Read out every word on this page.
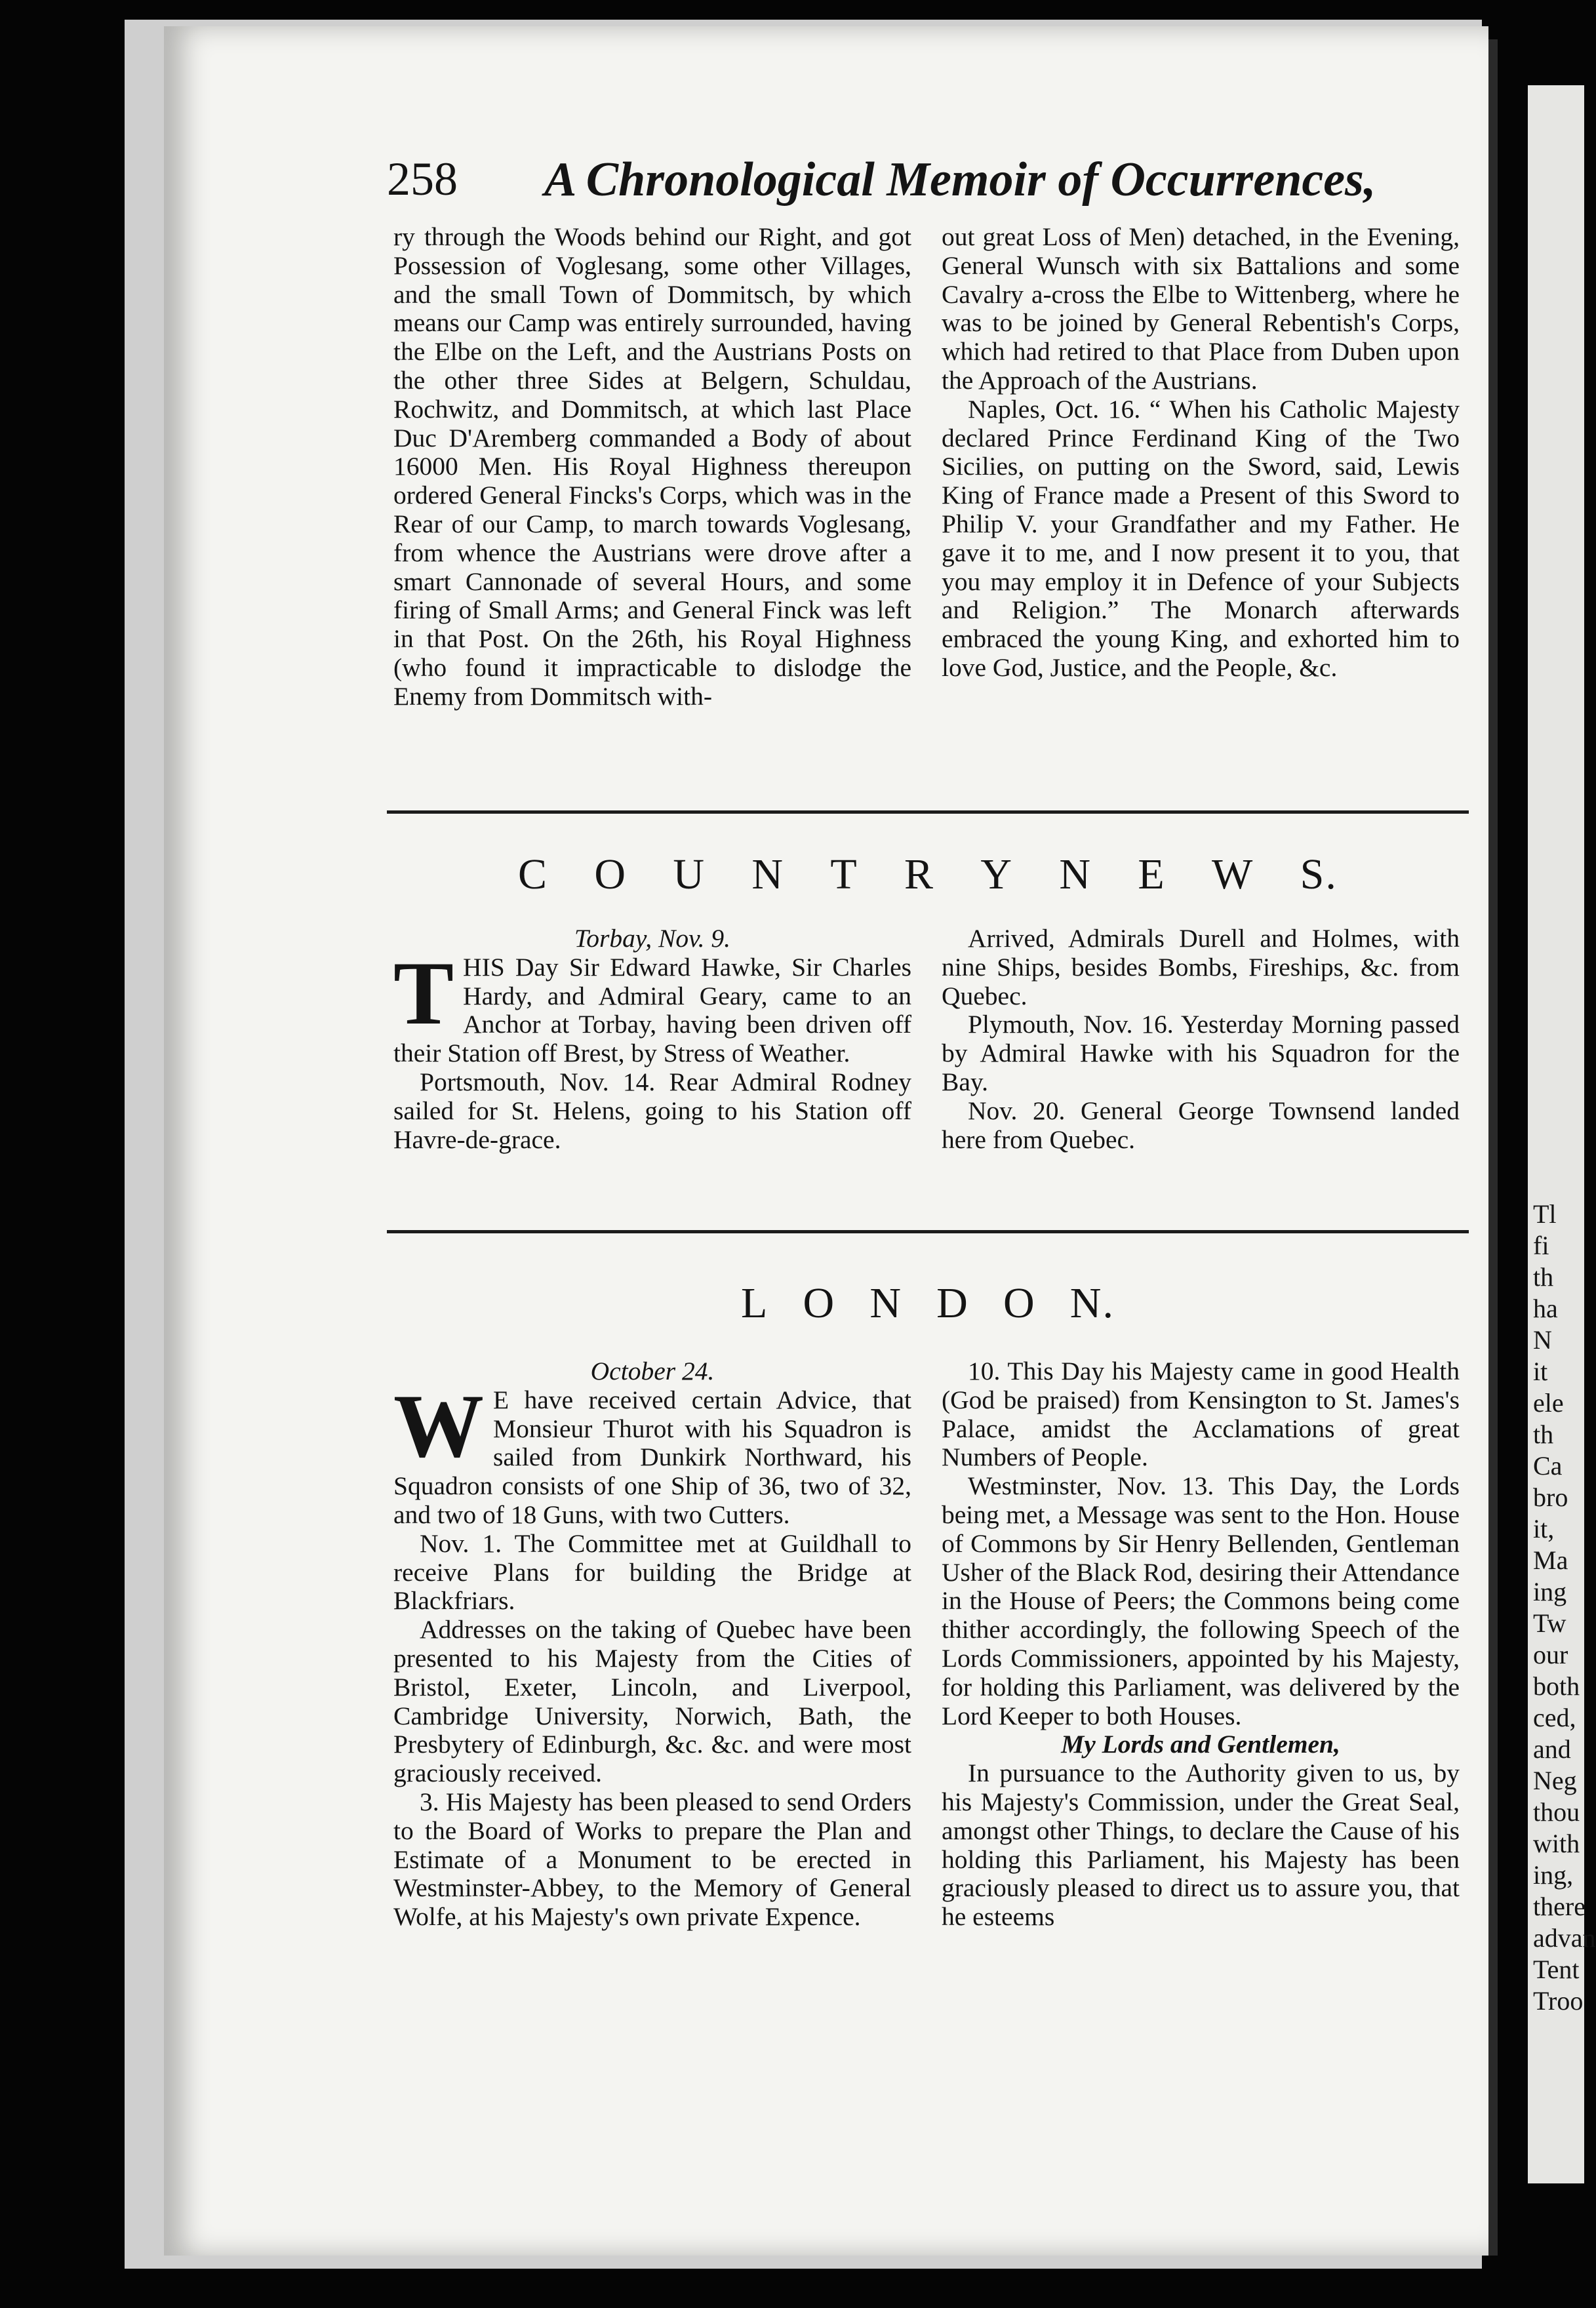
Tl
fi
th
ha
N
it
ele
th
Ca
bro
it,
Ma
ing
Tw
our
both
ced,
and
Neg
thou
with
ing,
there
advan
Tent
Troo
258 A Chronological Memoir of Occurrences,

ry through the Woods behind our Right, and got Possession of Voglesang, some other Villages, and the small Town of Dommitsch, by which means our Camp was entirely surrounded, having the Elbe on the Left, and the Austrians Posts on the other three Sides at Belgern, Schuldau, Rochwitz, and Dommitsch, at which last Place Duc D'Aremberg commanded a Body of about 16000 Men. His Royal Highness thereupon ordered General Fincks's Corps, which was in the Rear of our Camp, to march towards Voglesang, from whence the Austrians were drove after a smart Cannonade of several Hours, and some firing of Small Arms; and General Finck was left in that Post. On the 26th, his Royal Highness (who found it impracticable to dislodge the Enemy from Dommitsch with-

out great Loss of Men) detached, in the Evening, General Wunsch with six Battalions and some Cavalry a-cross the Elbe to Wittenberg, where he was to be joined by General Rebentish's Corps, which had retired to that Place from Duben upon the Approach of the Austrians.

Naples, Oct. 16. “ When his Catholic Majesty declared Prince Ferdinand King of the Two Sicilies, on putting on the Sword, said, Lewis King of France made a Present of this Sword to Philip V. your Grandfather and my Father. He gave it to me, and I now present it to you, that you may employ it in Defence of your Subjects and Religion.” The Monarch afterwards embraced the young King, and exhorted him to love God, Justice, and the People, &c.

C O U N T R Y N E W S.

Torbay, Nov. 9.

T HIS Day Sir Edward Hawke, Sir Charles Hardy, and Admiral Geary, came to an Anchor at Torbay, having been driven off their Station off Brest, by Stress of Weather.

Portsmouth, Nov. 14. Rear Admiral Rodney sailed for St. Helens, going to his Station off Havre-de-grace.

Arrived, Admirals Durell and Holmes, with nine Ships, besides Bombs, Fireships, &c. from Quebec.

Plymouth, Nov. 16. Yesterday Morning passed by Admiral Hawke with his Squadron for the Bay.

Nov. 20. General George Townsend landed here from Quebec.

L O N D O N.

October 24.

W E have received certain Advice, that Monsieur Thurot with his Squadron is sailed from Dunkirk Northward, his Squadron consists of one Ship of 36, two of 32, and two of 18 Guns, with two Cutters.

Nov. 1. The Committee met at Guildhall to receive Plans for building the Bridge at Blackfriars.

Addresses on the taking of Quebec have been presented to his Majesty from the Cities of Bristol, Exeter, Lincoln, and Liverpool, Cambridge University, Norwich, Bath, the Presbytery of Edinburgh, &c. &c. and were most graciously received.

3. His Majesty has been pleased to send Orders to the Board of Works to prepare the Plan and Estimate of a Monument to be erected in Westminster-Abbey, to the Memory of General Wolfe, at his Majesty's own private Expence.

10. This Day his Majesty came in good Health (God be praised) from Kensington to St. James's Palace, amidst the Acclamations of great Numbers of People.

Westminster, Nov. 13. This Day, the Lords being met, a Message was sent to the Hon. House of Commons by Sir Henry Bellenden, Gentleman Usher of the Black Rod, desiring their Attendance in the House of Peers; the Commons being come thither accordingly, the following Speech of the Lords Commissioners, appointed by his Majesty, for holding this Parliament, was delivered by the Lord Keeper to both Houses.

My Lords and Gentlemen,

In pursuance to the Authority given to us, by his Majesty's Commission, under the Great Seal, amongst other Things, to declare the Cause of his holding this Parliament, his Majesty has been graciously pleased to direct us to assure you, that he esteems
